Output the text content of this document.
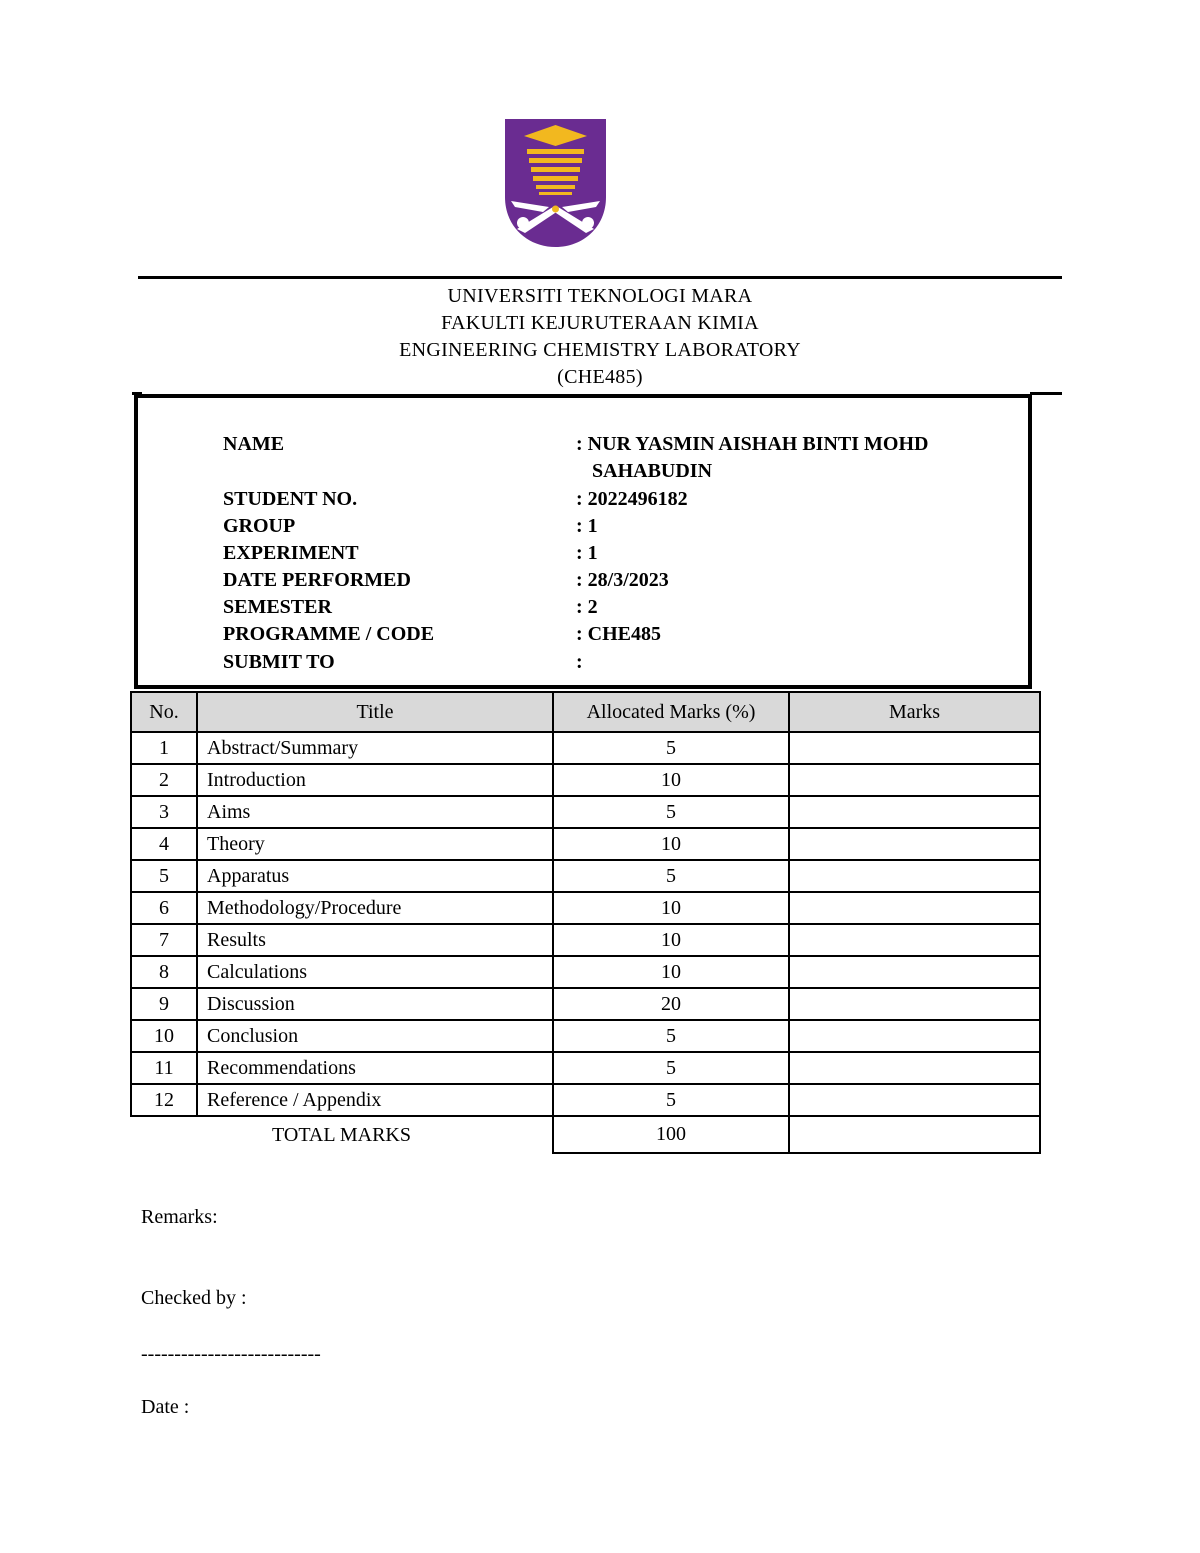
UNIVERSITI TEKNOLOGI MARA
FAKULTI KEJURUTERAAN KIMIA
ENGINEERING CHEMISTRY LABORATORY
(CHE485)
NAME	: NUR YASMIN AISHAH BINTI MOHD
SAHABUDIN
STUDENT NO.	: 2022496182
GROUP	: 1
EXPERIMENT	: 1
DATE PERFORMED	: 28/3/2023
SEMESTER	: 2
PROGRAMME / CODE	: CHE485
SUBMIT TO	:
No.	Title	Allocated Marks (%)	Marks
1	Abstract/Summary	5	
2	Introduction	10	
3	Aims	5	
4	Theory	10	
5	Apparatus	5	
6	Methodology/Procedure	10	
7	Results	10	
8	Calculations	10	
9	Discussion	20	
10	Conclusion	5	
11	Recommendations	5	
12	Reference / Appendix	5	
TOTAL MARKS		100	
Remarks:
Checked by :
---------------------------
Date :
